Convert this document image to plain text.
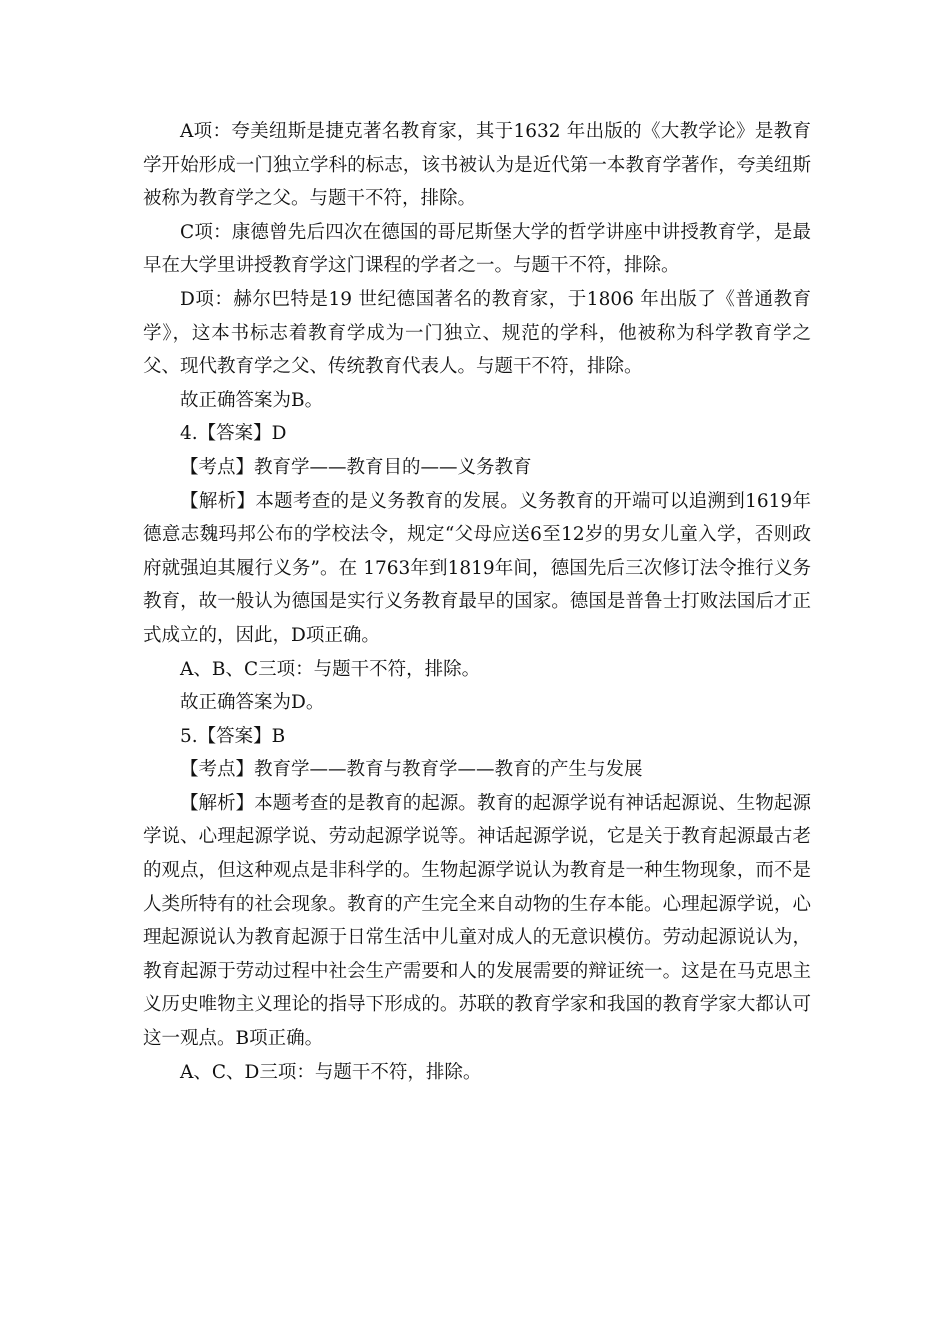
A项：夸美纽斯是捷克著名教育家，其于1632 年出版的《大教学论》是教育学开始形成一门独立学科的标志，该书被认为是近代第一本教育学著作，夸美纽斯被称为教育学之父。与题干不符，排除。

C项：康德曾先后四次在德国的哥尼斯堡大学的哲学讲座中讲授教育学，是最早在大学里讲授教育学这门课程的学者之一。与题干不符，排除。

D项：赫尔巴特是19 世纪德国著名的教育家，于1806 年出版了《普通教育学》，这本书标志着教育学成为一门独立、规范的学科，他被称为科学教育学之父、现代教育学之父、传统教育代表人。与题干不符，排除。

故正确答案为B。

4.【答案】D

【考点】教育学——教育目的——义务教育

【解析】本题考查的是义务教育的发展。义务教育的开端可以追溯到1619年德意志魏玛邦公布的学校法令，规定“父母应送6至12岁的男女儿童入学，否则政府就强迫其履行义务”。在 1763年到1819年间，德国先后三次修订法令推行义务教育，故一般认为德国是实行义务教育最早的国家。德国是普鲁士打败法国后才正式成立的，因此，D项正确。

A、B、C三项：与题干不符，排除。

故正确答案为D。

5.【答案】B

【考点】教育学——教育与教育学——教育的产生与发展

【解析】本题考查的是教育的起源。教育的起源学说有神话起源说、生物起源学说、心理起源学说、劳动起源学说等。神话起源学说，它是关于教育起源最古老的观点，但这种观点是非科学的。生物起源学说认为教育是一种生物现象，而不是人类所特有的社会现象。教育的产生完全来自动物的生存本能。心理起源学说，心理起源说认为教育起源于日常生活中儿童对成人的无意识模仿。劳动起源说认为，教育起源于劳动过程中社会生产需要和人的发展需要的辩证统一。这是在马克思主义历史唯物主义理论的指导下形成的。苏联的教育学家和我国的教育学家大都认可这一观点。B项正确。

A、C、D三项：与题干不符，排除。
